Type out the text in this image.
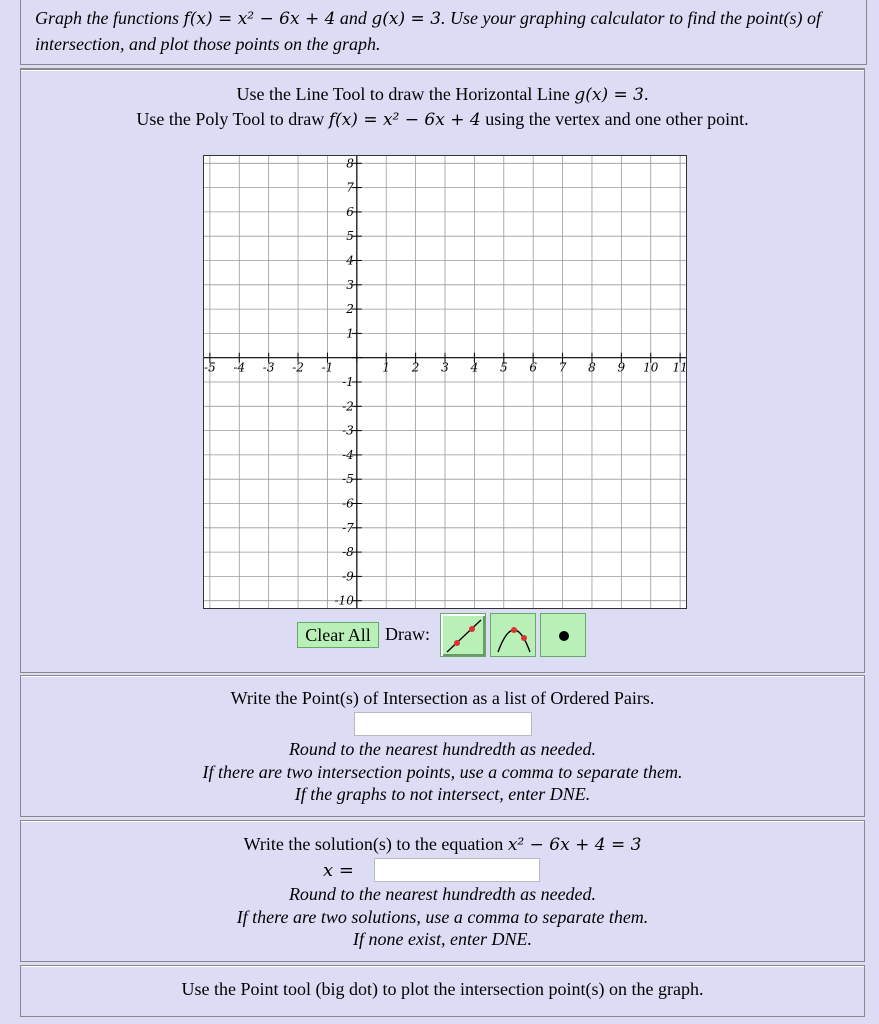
Graph the functions f(x) = x² − 6x + 4 and g(x) = 3. Use your graphing calculator to find the point(s) of intersection, and plot those points on the graph.
Use the Line Tool to draw the Horizontal Line g(x) = 3.
Use the Poly Tool to draw f(x) = x² − 6x + 4 using the vertex and one other point.
-5 -4 -3 -2 -1	1 2 3 4 5 6 7 8 9 10 11
8
7
6
5
4
3
2
1
-1
-2
-3
-4
-5
-6
-7
-8
-9
-10
Clear All Draw:
Write the Point(s) of Intersection as a list of Ordered Pairs.
Round to the nearest hundredth as needed.
If there are two intersection points, use a comma to separate them.
If the graphs to not intersect, enter DNE.
Write the solution(s) to the equation x² − 6x + 4 = 3
x =
Round to the nearest hundredth as needed.
If there are two solutions, use a comma to separate them.
If none exist, enter DNE.
Use the Point tool (big dot) to plot the intersection point(s) on the graph.
